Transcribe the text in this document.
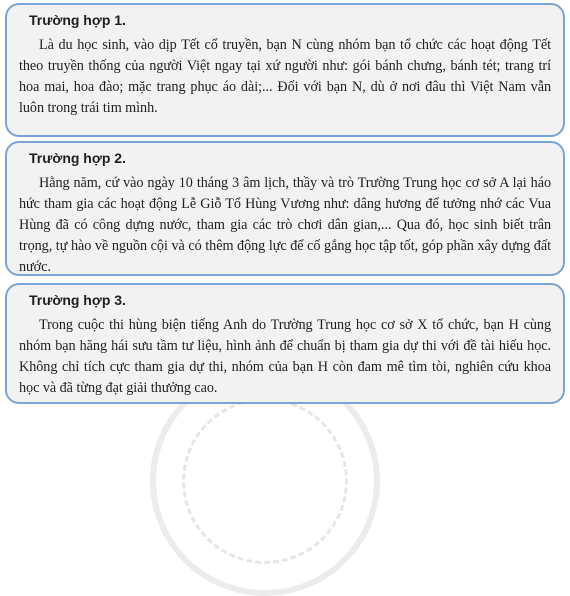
Trường hợp 1.

Là du học sinh, vào dịp Tết cổ truyền, bạn N cùng nhóm bạn tổ chức các hoạt động Tết theo truyền thống của người Việt ngay tại xứ người như: gói bánh chưng, bánh tét; trang trí hoa mai, hoa đào; mặc trang phục áo dài;... Đối với bạn N, dù ở nơi đâu thì Việt Nam vẫn luôn trong trái tim mình.

Trường hợp 2.

Hằng năm, cứ vào ngày 10 tháng 3 âm lịch, thầy và trò Trường Trung học cơ sở A lại háo hức tham gia các hoạt động Lễ Giỗ Tổ Hùng Vương như: dâng hương để tưởng nhớ các Vua Hùng đã có công dựng nước, tham gia các trò chơi dân gian,... Qua đó, học sinh biết trân trọng, tự hào về nguồn cội và có thêm động lực để cố gắng học tập tốt, góp phần xây dựng đất nước.

Trường hợp 3.

Trong cuộc thi hùng biện tiếng Anh do Trường Trung học cơ sở X tổ chức, bạn H cùng nhóm bạn hăng hái sưu tầm tư liệu, hình ảnh để chuẩn bị tham gia dự thi với đề tài hiếu học. Không chỉ tích cực tham gia dự thi, nhóm của bạn H còn đam mê tìm tòi, nghiên cứu khoa học và đã từng đạt giải thưởng cao.
